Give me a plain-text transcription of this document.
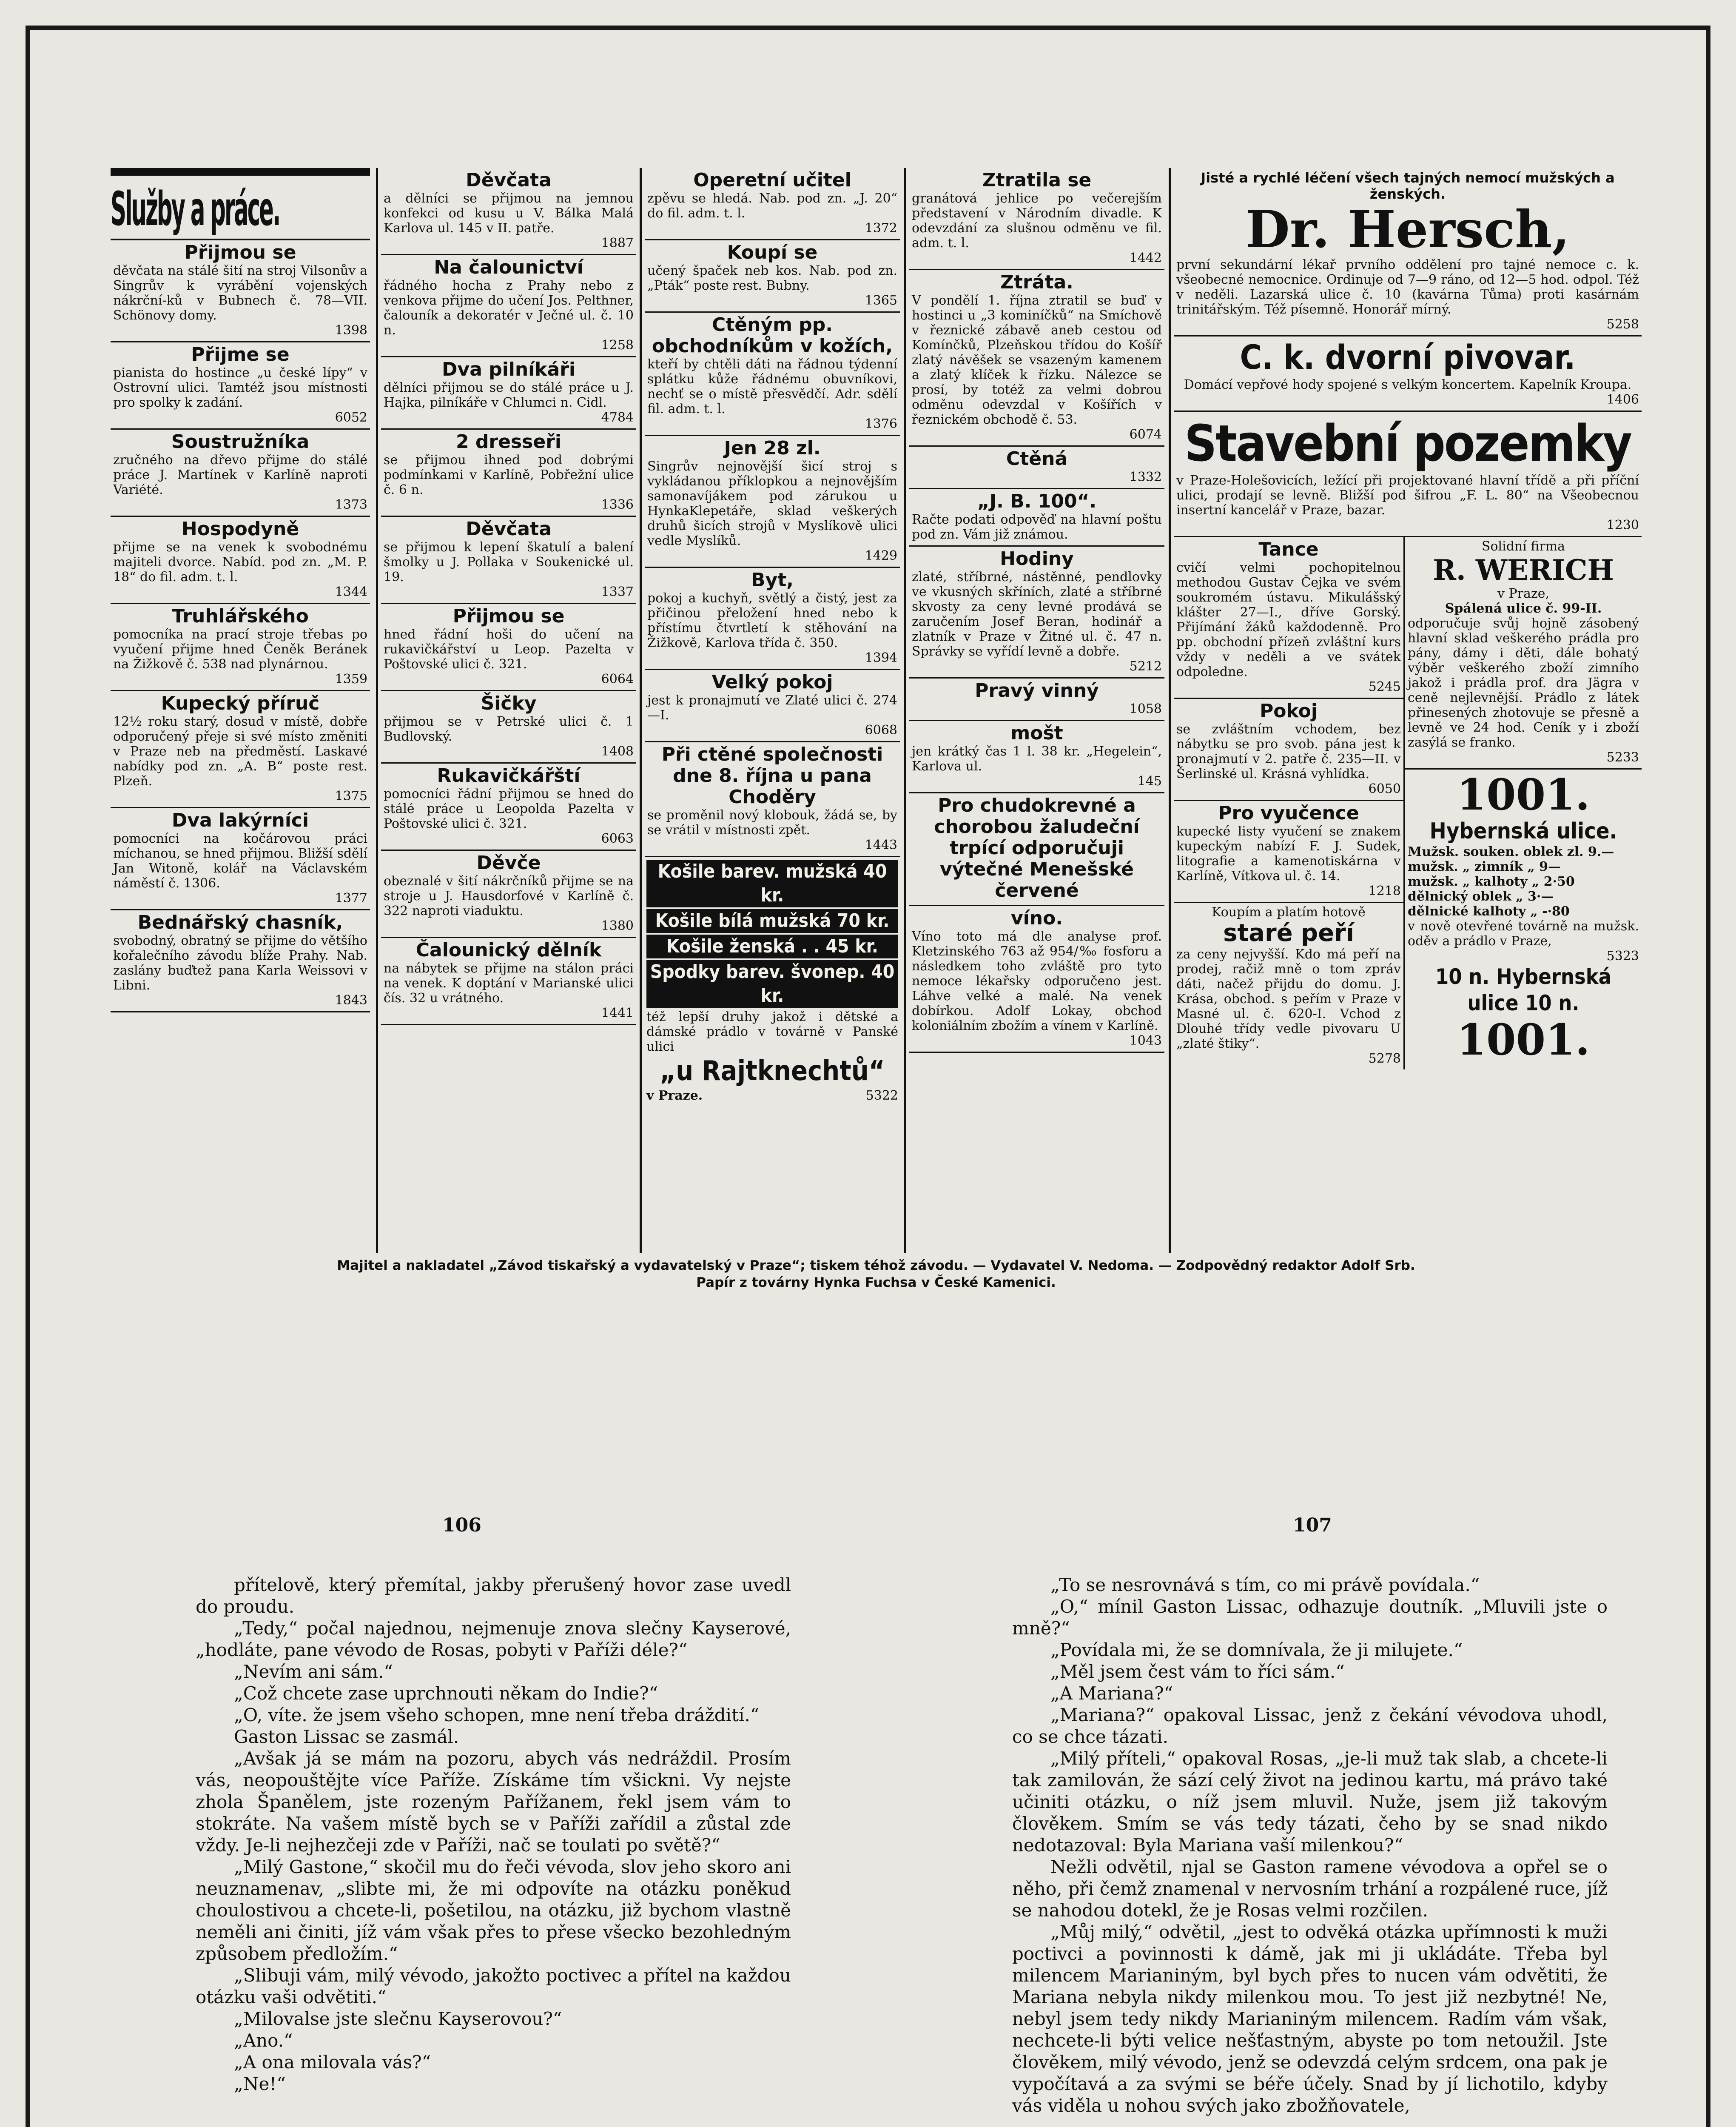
Služby a práce.
Přijmou se
děvčata na stálé šití na stroj Vilsonův a Singrův k vyrábění vojenských nákrční-ků v Bubnech č. 78—VII. Schönovy domy.
1398
Přijme se
pianista do hostince „u české lípy“ v Ostrovní ulici. Tamtéž jsou místnosti pro spolky k zadání.
6052
Soustružníka
zručného na dřevo přijme do stálé práce J. Martínek v Karlíně naproti Variété.
1373
Hospodyně
přijme se na venek k svobodnému majiteli dvorce. Nabíd. pod zn. „M. P. 18“ do fil. adm. t. l.
1344
Truhlářského
pomocníka na prací stroje třebas po vyučení přijme hned Čeněk Beránek na Žižkově č. 538 nad plynárnou.
1359
Kupecký příruč
12½ roku starý, dosud v místě, dobře odporučený přeje si své místo změniti v Praze neb na předměstí. Laskavé nabídky pod zn. „A. B“ poste rest. Plzeň.
1375
Dva lakýrníci
pomocníci na kočárovou práci míchanou, se hned přijmou. Bližší sdělí Jan Witoně, kolář na Václavském náměstí č. 1306.
1377
Bednářský chasník,
svobodný, obratný se přijme do většího kořalečního závodu blíže Prahy. Nab. zaslány buďtež pana Karla Weissovi v Libni.
1843
Děvčata
a dělníci se přijmou na jemnou konfekci od kusu u V. Bálka Malá Karlova ul. 145 v II. patře.
1887
Na čalounictví
řádného hocha z Prahy nebo z venkova přijme do učení Jos. Pelthner, čalouník a dekoratér v Ječné ul. č. 10 n.
1258
Dva pilníkáři
dělníci přijmou se do stálé práce u J. Hajka, pilníkáře v Chlumci n. Cidl.
4784
2 dresseři
se přijmou ihned pod dobrými podmínkami v Karlíně, Pobřežní ulice č. 6 n.
1336
Děvčata
se přijmou k lepení škatulí a balení šmolky u J. Pollaka v Soukenické ul. 19.
1337
Přijmou se
hned řádní hoši do učení na rukavičkářství u Leop. Pazelta v Poštovské ulici č. 321.
6064
Šičky
přijmou se v Petrské ulici č. 1 Budlovský.
1408
Rukavičkářští
pomocníci řádní přijmou se hned do stálé práce u Leopolda Pazelta v Poštovské ulici č. 321.
6063
Děvče
obeznalé v šití nákrčníků přijme se na stroje u J. Hausdorfové v Karlíně č. 322 naproti viaduktu.
1380
Čalounický dělník
na nábytek se přijme na stálon práci na venek. K doptání v Marianské ulici čís. 32 u vrátného.
1441
Operetní učitel
zpěvu se hledá. Nab. pod zn. „J. 20“ do fil. adm. t. l.
1372
Koupí se
učený špaček neb kos. Nab. pod zn. „Pták“ poste rest. Bubny.
1365
Ctěným pp. obchodníkům v kožích,
kteří by chtěli dáti na řádnou týdenní splátku kůže řádnému obuvníkovi, nechť se o místě přesvědčí. Adr. sdělí fil. adm. t. l.
1376
Jen 28 zl.
Singrův nejnovější šicí stroj s vykládanou příklopkou a nejnovějším samonavíjákem pod zárukou u HynkaKlepetáře, sklad veškerých druhů šicích strojů v Myslíkově ulici vedle Myslíků.
1429
Byt,
pokoj a kuchyň, světlý a čistý, jest za přičinou přeložení hned nebo k přístímu čtvrtletí k stěhování na Žižkově, Karlova třída č. 350.
1394
Velký pokoj
jest k pronajmutí ve Zlaté ulici č. 274—I.
6068
Při ctěné společnosti dne 8. října u pana Choděry
se proměnil nový klobouk, žádá se, by se vrátil v místnosti zpět.
1443
Košile barev. mužská 40 kr.
Košile bílá mužská 70 kr.
Košile ženská . . 45 kr.
Spodky barev. švonep. 40 kr.
též lepší druhy jakož i dětské a dámské prádlo v továrně v Panské ulici
„u Rajtknechtů“
v Praze.	5322
Ztratila se
granátová jehlice po večerejším představení v Národním divadle. K odevzdání za slušnou odměnu ve fil. adm. t. l.
1442
Ztráta.
V pondělí 1. října ztratil se buď v hostinci u „3 kominíčků“ na Smíchově v řeznické zábavě aneb cestou od Komínčků, Plzeňskou třídou do Košíř zlatý návěšek se vsazeným kamenem a zlatý klíček k řízku. Nálezce se prosí, by totéž za velmi dobrou odměnu odevzdal v Košířích v řeznickém obchodě č. 53.
6074
Ctěná
1332
„J. B. 100“.
Račte podati odpověď na hlavní poštu pod zn. Vám již známou.
Hodiny
zlaté, stříbrné, nástěnné, pendlovky ve vkusných skříních, zlaté a stříbrné skvosty za ceny levné prodává se zaručením Josef Beran, hodinář a zlatník v Praze v Žitné ul. č. 47 n. Správky se vyřídí levně a dobře.
5212
Pravý vinný
1058
mošt
jen krátký čas 1 l. 38 kr. „Hegelein“, Karlova ul.
145
Pro chudokrevné a chorobou žaludeční trpící odporučuji výtečné Menešské červené
víno.
Víno toto má dle analyse prof. Kletzinského 763 až 954/‰ fosforu a následkem toho zvláště pro tyto nemoce lékařsky odporučeno jest. Láhve velké a malé. Na venek dobírkou. Adolf Lokay, obchod koloniálním zbožím a vínem v Karlíně.
1043
Jisté a rychlé léčení všech tajných nemocí mužských a ženských.
Dr. Hersch,
první sekundární lékař prvního oddělení pro tajné nemoce c. k. všeobecné nemocnice. Ordinuje od 7—9 ráno, od 12—5 hod. odpol. Též v neděli. Lazarská ulice č. 10 (kavárna Tůma) proti kasárnám trinitářským. Též písemně. Honorář mírný.
5258
C. k. dvorní pivovar.
Domácí vepřové hody spojené s velkým koncertem. Kapelník Kroupa.
1406
Stavební pozemky
v Praze-Holešovicích, ležící při projektované hlavní třídě a při příční ulici, prodají se levně. Bližší pod šifrou „F. L. 80“ na Všeobecnou insertní kancelář v Praze, bazar.
1230
Tance
cvičí velmi pochopitelnou methodou Gustav Čejka ve svém soukromém ústavu. Mikulášský klášter 27—I., dříve Gorský. Přijímání žáků každodenně. Pro pp. obchodní přízeň zvláštní kurs vždy v neděli a ve svátek odpoledne.
5245
Pokoj
se zvláštním vchodem, bez nábytku se pro svob. pána jest k pronajmutí v 2. patře č. 235—II. v Šerlinské ul. Krásná vyhlídka.
6050
Pro vyučence
kupecké listy vyučení se znakem kupeckým nabízí F. J. Sudek, litografie a kamenotiskárna v Karlíně, Vítkova ul. č. 14.
1218
Koupím a platím hotově
staré peří
za ceny nejvyšší. Kdo má peří na prodej, račiž mně o tom zpráv dáti, načež přijdu do domu. J. Krása, obchod. s peřím v Praze v Masné ul. č. 620-I. Vchod z Dlouhé třídy vedle pivovaru U „zlaté štiky“.
5278
Solidní firma
R. WERICH
v Praze,
Spálená ulice č. 99-II.
odporučuje svůj hojně zásobený hlavní sklad veškerého prádla pro pány, dámy i děti, dále bohatý výběr veškerého zboží zimního jakož i prádla prof. dra Jägra v ceně nejlevnější. Prádlo z látek přinesených zhotovuje se přesně a levně ve 24 hod. Ceník y i zboží zasýlá se franko.
5233
1001.
Hybernská ulice.
Mužsk. souken. oblek zl. 9.—
mužsk. „ zimník „ 9—
mužsk. „ kalhoty „ 2·50
dělnický oblek „ 3·—
dělnické kalhoty „ -·80
v nově otevřené továrně na mužsk. oděv a prádlo v Praze,
5323
10 n. Hybernská ulice 10 n.
1001.
Majitel a nakladatel „Závod tiskařský a vydavatelský v Praze“; tiskem téhož závodu. — Vydavatel V. Nedoma. — Zodpovědný redaktor Adolf Srb.
Papír z továrny Hynka Fuchsa v České Kamenici.
106	107

přítelově, který přemítal, jakby přerušený hovor zase uvedl do proudu.

„Tedy,“ počal najednou, nejmenuje znova slečny Kayserové, „hodláte, pane vévodo de Rosas, pobyti v Paříži déle?“

„Nevím ani sám.“

„Což chcete zase uprchnouti někam do Indie?“

„O, víte. že jsem všeho schopen, mne není třeba dráždití.“

Gaston Lissac se zasmál.

„Avšak já se mám na pozoru, abych vás nedráždil. Prosím vás, neopouštějte více Paříže. Získáme tím všickni. Vy nejste zhola Španělem, jste rozeným Pařížanem, řekl jsem vám to stokráte. Na vašem místě bych se v Paříži zařídil a zůstal zde vždy. Je-li nejhezčeji zde v Paříži, nač se toulati po světě?“

„Milý Gastone,“ skočil mu do řeči vévoda, slov jeho skoro ani neuznamenav, „slibte mi, že mi odpovíte na otázku poněkud choulostivou a chcete-li, pošetilou, na otázku, již bychom vlastně neměli ani činiti, jíž vám však přes to přese všecko bezohledným způsobem předložím.“

„Slibuji vám, milý vévodo, jakožto poctivec a přítel na každou otázku vaši odvětiti.“

„Milovalse jste slečnu Kayserovou?“

„Ano.“

„A ona milovala vás?“

„Ne!“

„To se nesrovnává s tím, co mi právě povídala.“

„O,“ mínil Gaston Lissac, odhazuje doutník. „Mluvili jste o mně?“

„Povídala mi, že se domnívala, že ji milujete.“

„Měl jsem čest vám to říci sám.“

„A Mariana?“

„Mariana?“ opakoval Lissac, jenž z čekání vévodova uhodl, co se chce tázati.

„Milý příteli,“ opakoval Rosas, „je-li muž tak slab, a chcete-li tak zamilován, že sází celý život na jedinou kartu, má právo také učiniti otázku, o níž jsem mluvil. Nuže, jsem již takovým člověkem. Smím se vás tedy tázati, čeho by se snad nikdo nedotazoval: Byla Mariana vaší milenkou?“

Nežli odvětil, njal se Gaston ramene vévodova a opřel se o něho, při čemž znamenal v nervosním trhání a rozpálené ruce, jíž se nahodou dotekl, že je Rosas velmi rozčilen.

„Můj milý,“ odvětil, „jest to odvěká otázka upřímnosti k muži poctivci a povinnosti k dámě, jak mi ji ukládáte. Třeba byl milencem Marianiným, byl bych přes to nucen vám odvětiti, že Mariana nebyla nikdy milenkou mou. To jest již nezbytné! Ne, nebyl jsem tedy nikdy Marianiným milencem. Radím vám však, nechcete-li býti velice nešťastným, abyste po tom netoužil. Jste člověkem, milý vévodo, jenž se odevzdá celým srdcem, ona pak je vypočítavá a za svými se béře účely. Snad by jí lichotilo, kdyby vás viděla u nohou svých jako zbožňovatele,
